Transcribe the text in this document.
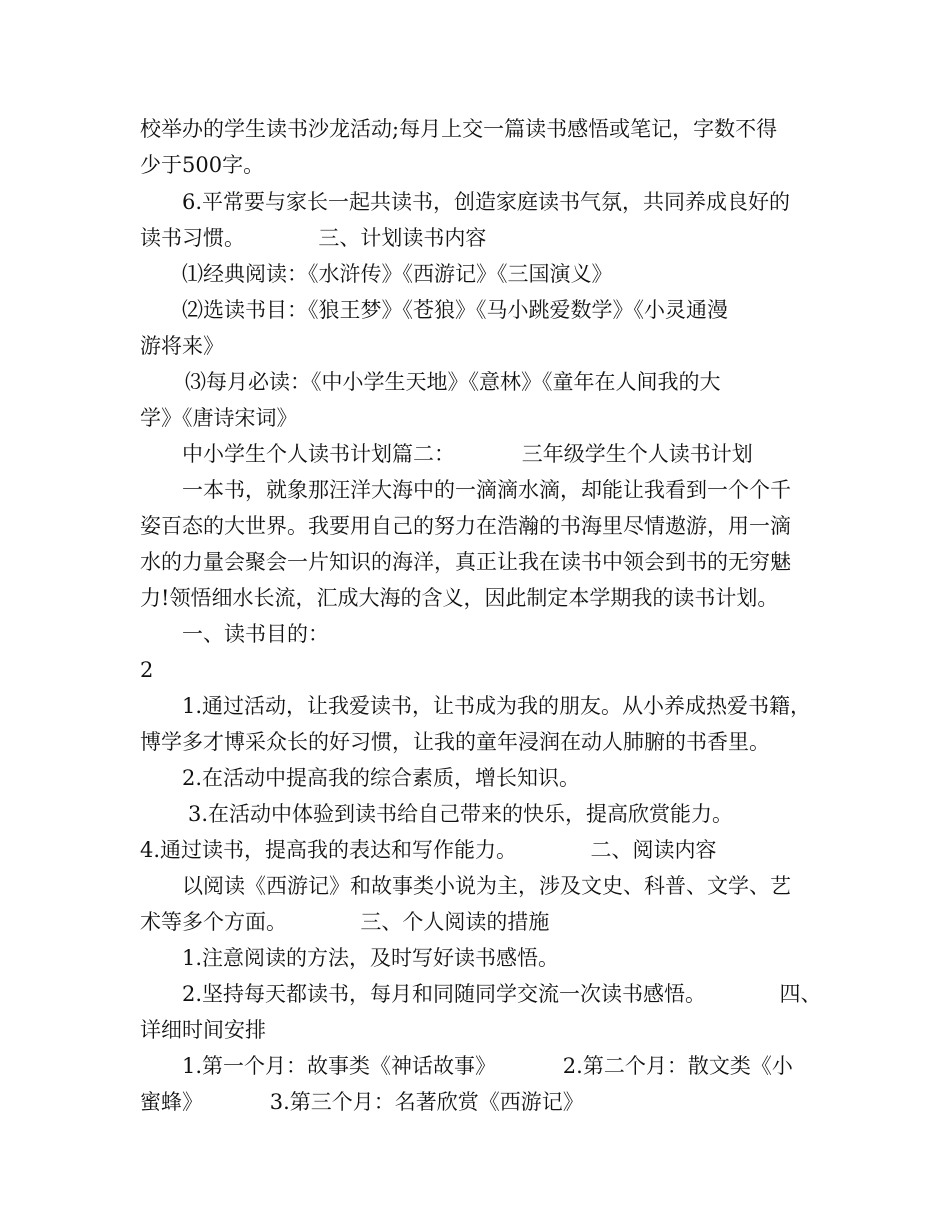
校举办的学生读书沙龙活动;每月上交一篇读书感悟或笔记，字数不得
少于500字。
6.平常要与家长一起共读书，创造家庭读书气氛，共同养成良好的
读书习惯。           三、计划读书内容
⑴经典阅读：《水浒传》《西游记》《三国演义》
⑵选读书目：《狼王梦》《苍狼》《马小跳爱数学》《小灵通漫
游将来》
⑶每月必读：《中小学生天地》《意林》《童年在人间我的大
学》《唐诗宋词》
中小学生个人读书计划篇二：          三年级学生个人读书计划
一本书，就象那汪洋大海中的一滴滴水滴，却能让我看到一个个千
姿百态的大世界。我要用自己的努力在浩瀚的书海里尽情遨游，用一滴
水的力量会聚会一片知识的海洋，真正让我在读书中领会到书的无穷魅
力!领悟细水长流，汇成大海的含义，因此制定本学期我的读书计划。
一、读书目的：
2
1.通过活动，让我爱读书，让书成为我的朋友。从小养成热爱书籍，
博学多才博采众长的好习惯，让我的童年浸润在动人肺腑的书香里。
2.在活动中提高我的综合素质，增长知识。
3.在活动中体验到读书给自己带来的快乐，提高欣赏能力。
4.通过读书，提高我的表达和写作能力。           二、阅读内容
以阅读《西游记》和故事类小说为主，涉及文史、科普、文学、艺
术等多个方面。           三、个人阅读的措施
1.注意阅读的方法，及时写好读书感悟。
2.坚持每天都读书，每月和同随同学交流一次读书感悟。           四、
详细时间安排
1.第一个月：故事类《神话故事》          2.第二个月：散文类《小
蜜蜂》          3.第三个月：名著欣赏《西游记》
